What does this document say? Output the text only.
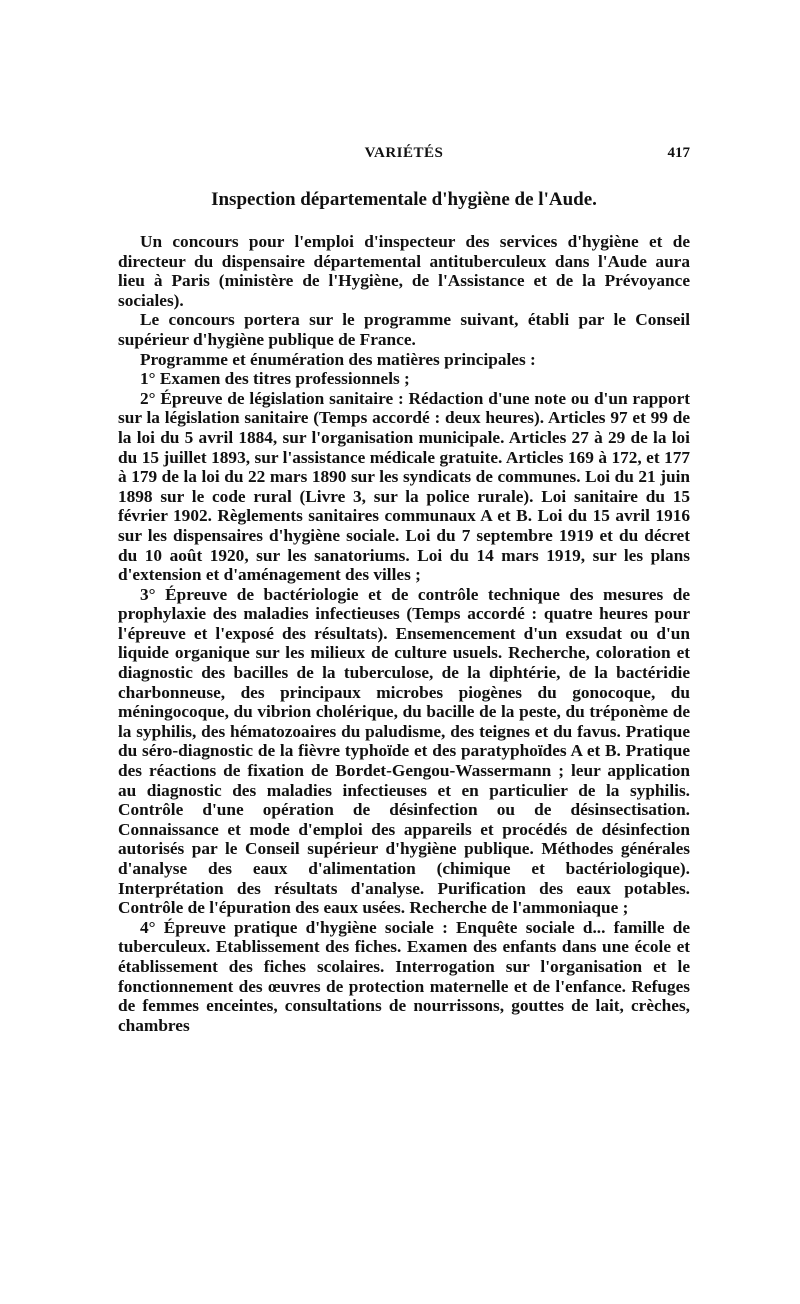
VARIÉTÉS	417
Inspection départementale d'hygiène de l'Aude.

Un concours pour l'emploi d'inspecteur des services d'hygiène et de directeur du dispensaire départemental antituberculeux dans l'Aude aura lieu à Paris (ministère de l'Hygiène, de l'Assistance et de la Prévoyance sociales).

Le concours portera sur le programme suivant, établi par le Conseil supérieur d'hygiène publique de France.

Programme et énumération des matières principales :

1° Examen des titres professionnels ;

2° Épreuve de législation sanitaire : Rédaction d'une note ou d'un rapport sur la législation sanitaire (Temps accordé : deux heures). Articles 97 et 99 de la loi du 5 avril 1884, sur l'organisation municipale. Articles 27 à 29 de la loi du 15 juillet 1893, sur l'assistance médicale gratuite. Articles 169 à 172, et 177 à 179 de la loi du 22 mars 1890 sur les syndicats de communes. Loi du 21 juin 1898 sur le code rural (Livre 3, sur la police rurale). Loi sanitaire du 15 février 1902. Règlements sanitaires communaux A et B. Loi du 15 avril 1916 sur les dispensaires d'hygiène sociale. Loi du 7 septembre 1919 et du décret du 10 août 1920, sur les sanatoriums. Loi du 14 mars 1919, sur les plans d'extension et d'aménagement des villes ;

3° Épreuve de bactériologie et de contrôle technique des mesures de prophylaxie des maladies infectieuses (Temps accordé : quatre heures pour l'épreuve et l'exposé des résultats). Ensemencement d'un exsudat ou d'un liquide organique sur les milieux de culture usuels. Recherche, coloration et diagnostic des bacilles de la tuberculose, de la diphtérie, de la bactéridie charbonneuse, des principaux microbes piogènes du gonocoque, du méningocoque, du vibrion cholérique, du bacille de la peste, du tréponème de la syphilis, des hématozoaires du paludisme, des teignes et du favus. Pratique du séro-diagnostic de la fièvre typhoïde et des paratyphoïdes A et B. Pratique des réactions de fixation de Bordet-Gengou-Wassermann ; leur application au diagnostic des maladies infectieuses et en particulier de la syphilis. Contrôle d'une opération de désinfection ou de désinsectisation. Connaissance et mode d'emploi des appareils et procédés de désinfection autorisés par le Conseil supérieur d'hygiène publique. Méthodes générales d'analyse des eaux d'alimentation (chimique et bactériologique). Interprétation des résultats d'analyse. Purification des eaux potables. Contrôle de l'épuration des eaux usées. Recherche de l'ammoniaque ;

4° Épreuve pratique d'hygiène sociale : Enquête sociale d... famille de tuberculeux. Etablissement des fiches. Examen des enfants dans une école et établissement des fiches scolaires. Interrogation sur l'organisation et le fonctionnement des œuvres de protection maternelle et de l'enfance. Refuges de femmes enceintes, consultations de nourrissons, gouttes de lait, crèches, chambres
